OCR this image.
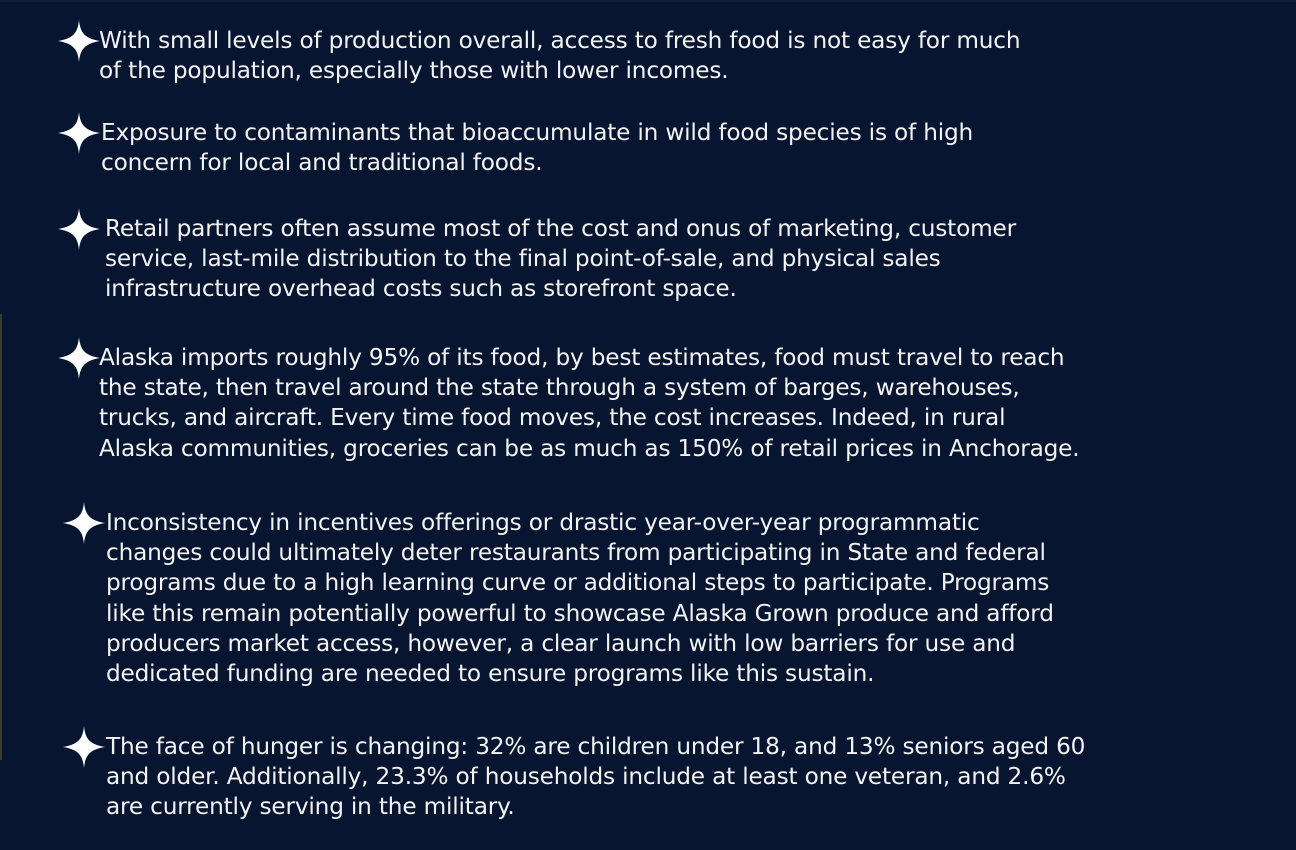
With small levels of production overall, access to fresh food is not easy for much
of the population, especially those with lower incomes.
Exposure to contaminants that bioaccumulate in wild food species is of high
concern for local and traditional foods.
Retail partners often assume most of the cost and onus of marketing, customer
service, last-mile distribution to the final point-of-sale, and physical sales
infrastructure overhead costs such as storefront space.
Alaska imports roughly 95% of its food, by best estimates, food must travel to reach
the state, then travel around the state through a system of barges, warehouses,
trucks, and aircraft. Every time food moves, the cost increases. Indeed, in rural
Alaska communities, groceries can be as much as 150% of retail prices in Anchorage.
Inconsistency in incentives offerings or drastic year-over-year programmatic
changes could ultimately deter restaurants from participating in State and federal
programs due to a high learning curve or additional steps to participate. Programs
like this remain potentially powerful to showcase Alaska Grown produce and afford
producers market access, however, a clear launch with low barriers for use and
dedicated funding are needed to ensure programs like this sustain.
The face of hunger is changing: 32% are children under 18, and 13% seniors aged 60
and older. Additionally, 23.3% of households include at least one veteran, and 2.6%
are currently serving in the military.
